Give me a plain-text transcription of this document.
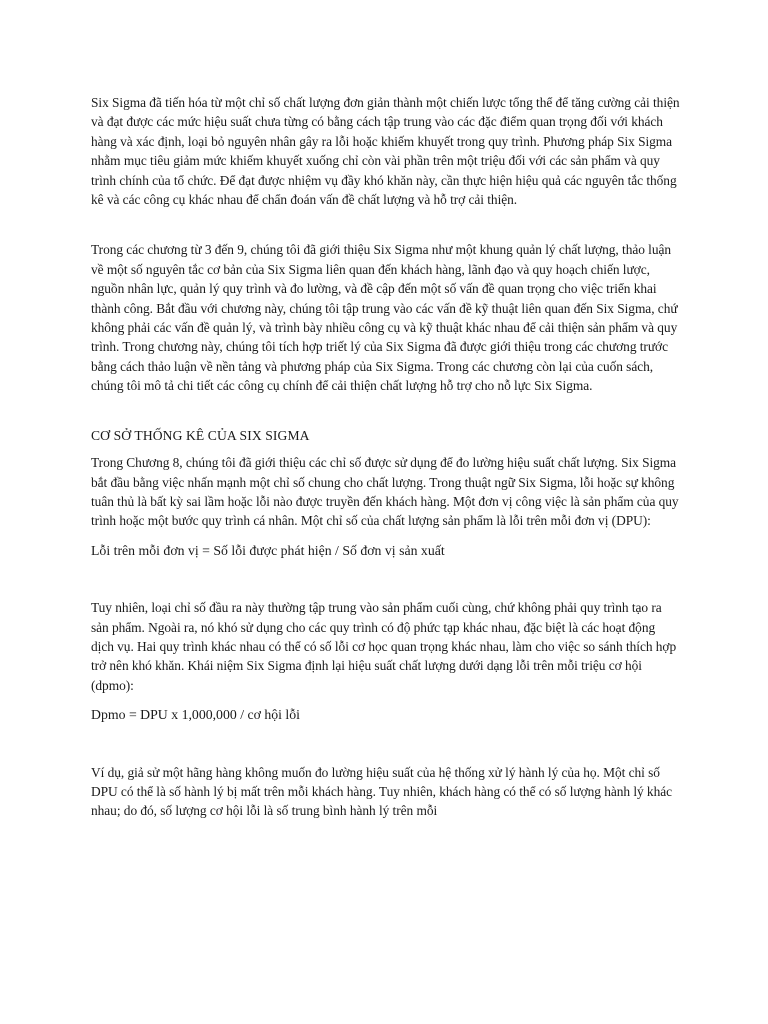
Six Sigma đã tiến hóa từ một chỉ số chất lượng đơn giản thành một chiến lược tổng thể để tăng cường cải thiện và đạt được các mức hiệu suất chưa từng có bằng cách tập trung vào các đặc điểm quan trọng đối với khách hàng và xác định, loại bỏ nguyên nhân gây ra lỗi hoặc khiếm khuyết trong quy trình. Phương pháp Six Sigma nhằm mục tiêu giảm mức khiếm khuyết xuống chỉ còn vài phần trên một triệu đối với các sản phẩm và quy trình chính của tổ chức. Để đạt được nhiệm vụ đầy khó khăn này, cần thực hiện hiệu quả các nguyên tắc thống kê và các công cụ khác nhau để chẩn đoán vấn đề chất lượng và hỗ trợ cải thiện.

Trong các chương từ 3 đến 9, chúng tôi đã giới thiệu Six Sigma như một khung quản lý chất lượng, thảo luận về một số nguyên tắc cơ bản của Six Sigma liên quan đến khách hàng, lãnh đạo và quy hoạch chiến lược, nguồn nhân lực, quản lý quy trình và đo lường, và đề cập đến một số vấn đề quan trọng cho việc triển khai thành công. Bắt đầu với chương này, chúng tôi tập trung vào các vấn đề kỹ thuật liên quan đến Six Sigma, chứ không phải các vấn đề quản lý, và trình bày nhiều công cụ và kỹ thuật khác nhau để cải thiện sản phẩm và quy trình. Trong chương này, chúng tôi tích hợp triết lý của Six Sigma đã được giới thiệu trong các chương trước bằng cách thảo luận về nền tảng và phương pháp của Six Sigma. Trong các chương còn lại của cuốn sách, chúng tôi mô tả chi tiết các công cụ chính để cải thiện chất lượng hỗ trợ cho nỗ lực Six Sigma.

CƠ SỞ THỐNG KÊ CỦA SIX SIGMA

Trong Chương 8, chúng tôi đã giới thiệu các chỉ số được sử dụng để đo lường hiệu suất chất lượng. Six Sigma bắt đầu bằng việc nhấn mạnh một chỉ số chung cho chất lượng. Trong thuật ngữ Six Sigma, lỗi hoặc sự không tuân thủ là bất kỳ sai lầm hoặc lỗi nào được truyền đến khách hàng. Một đơn vị công việc là sản phẩm của quy trình hoặc một bước quy trình cá nhân. Một chỉ số của chất lượng sản phẩm là lỗi trên mỗi đơn vị (DPU):

Lỗi trên mỗi đơn vị = Số lỗi được phát hiện / Số đơn vị sản xuất

Tuy nhiên, loại chỉ số đầu ra này thường tập trung vào sản phẩm cuối cùng, chứ không phải quy trình tạo ra sản phẩm. Ngoài ra, nó khó sử dụng cho các quy trình có độ phức tạp khác nhau, đặc biệt là các hoạt động dịch vụ. Hai quy trình khác nhau có thể có số lỗi cơ học quan trọng khác nhau, làm cho việc so sánh thích hợp trở nên khó khăn. Khái niệm Six Sigma định lại hiệu suất chất lượng dưới dạng lỗi trên mỗi triệu cơ hội (dpmo):

Dpmo = DPU x 1,000,000 / cơ hội lỗi

Ví dụ, giả sử một hãng hàng không muốn đo lường hiệu suất của hệ thống xử lý hành lý của họ. Một chỉ số DPU có thể là số hành lý bị mất trên mỗi khách hàng. Tuy nhiên, khách hàng có thể có số lượng hành lý khác nhau; do đó, số lượng cơ hội lỗi là số trung bình hành lý trên mỗi
